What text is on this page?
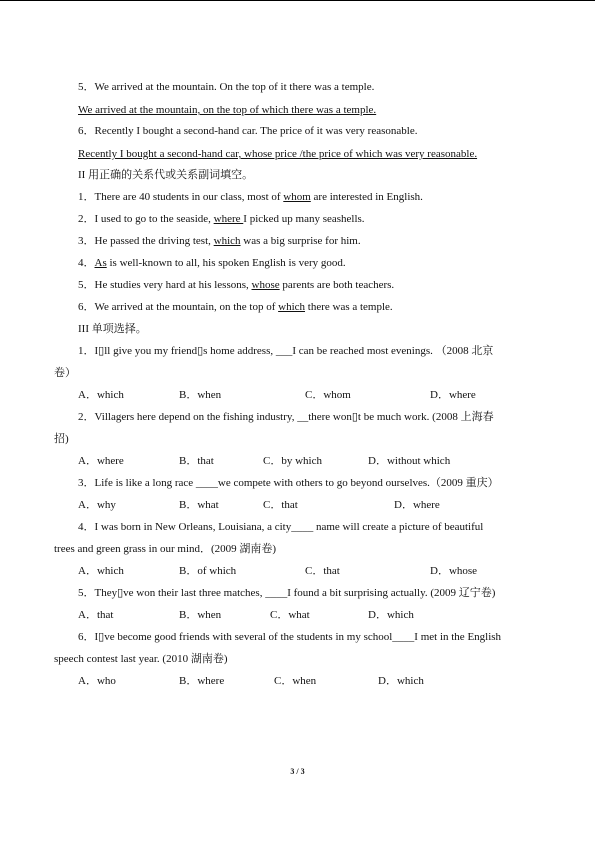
5．We arrived at the mountain. On the top of it there was a temple.
We arrived at the mountain, on the top of which there was a temple.
6．Recently I bought a second-hand car. The price of it was very reasonable.
Recently I bought a second-hand car, whose price /the price of which was very reasonable.
II 用正确的关系代或关系副词填空。
1．There are 40 students in our class, most of whom are interested in English.
2．I used to go to the seaside, where I picked up many seashells.
3．He passed the driving test, which was a big surprise for him.
4．As is well-known to all, his spoken English is very good.
5．He studies very hard at his lessons, whose parents are both teachers.
6．We arrived at the mountain, on the top of which there was a temple.
III 单项选择。
1．I▯ll give you my friend▯s home address, ___I can be reached most evenings. （2008 北京
卷）
A．which	B．when	C．whom	D．where
2．Villagers here depend on the fishing industry, __there won▯t be much work. (2008 上海春
招)
A．where	B．that	C．by which	D．without which
3．Life is like a long race ____we compete with others to go beyond ourselves.（2009 重庆）
A．why	B．what	C．that	D．where
4．I was born in New Orleans, Louisiana, a city____ name will create a picture of beautiful
trees and green grass in our mind．(2009 湖南卷)
A．which	B．of which	C．that	D．whose
5．They▯ve won their last three matches, ____I found a bit surprising actually. (2009 辽宁卷)
A．that	B．when	C．what	D．which
6．I▯ve become good friends with several of the students in my school____I met in the English
speech contest last year. (2010 湖南卷)
A．who	B．where	C．when	D．which
3 / 3
